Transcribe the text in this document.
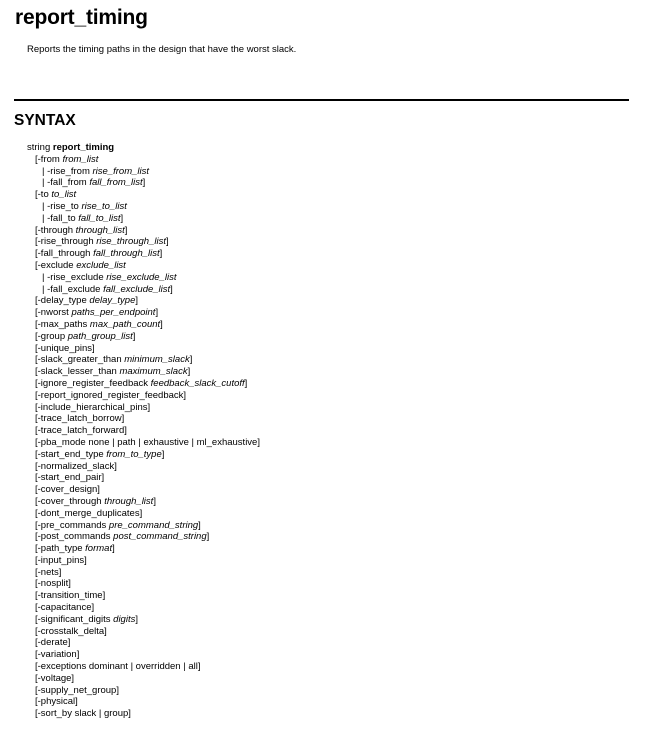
report_timing

Reports the timing paths in the design that have the worst slack.

SYNTAX
string report_timing
[-from from_list
| -rise_from rise_from_list
| -fall_from fall_from_list]
[-to to_list
| -rise_to rise_to_list
| -fall_to fall_to_list]
[-through through_list]
[-rise_through rise_through_list]
[-fall_through fall_through_list]
[-exclude exclude_list
| -rise_exclude rise_exclude_list
| -fall_exclude fall_exclude_list]
[-delay_type delay_type]
[-nworst paths_per_endpoint]
[-max_paths max_path_count]
[-group path_group_list]
[-unique_pins]
[-slack_greater_than minimum_slack]
[-slack_lesser_than maximum_slack]
[-ignore_register_feedback feedback_slack_cutoff]
[-report_ignored_register_feedback]
[-include_hierarchical_pins]
[-trace_latch_borrow]
[-trace_latch_forward]
[-pba_mode none | path | exhaustive | ml_exhaustive]
[-start_end_type from_to_type]
[-normalized_slack]
[-start_end_pair]
[-cover_design]
[-cover_through through_list]
[-dont_merge_duplicates]
[-pre_commands pre_command_string]
[-post_commands post_command_string]
[-path_type format]
[-input_pins]
[-nets]
[-nosplit]
[-transition_time]
[-capacitance]
[-significant_digits digits]
[-crosstalk_delta]
[-derate]
[-variation]
[-exceptions dominant | overridden | all]
[-voltage]
[-supply_net_group]
[-physical]
[-sort_by slack | group]
